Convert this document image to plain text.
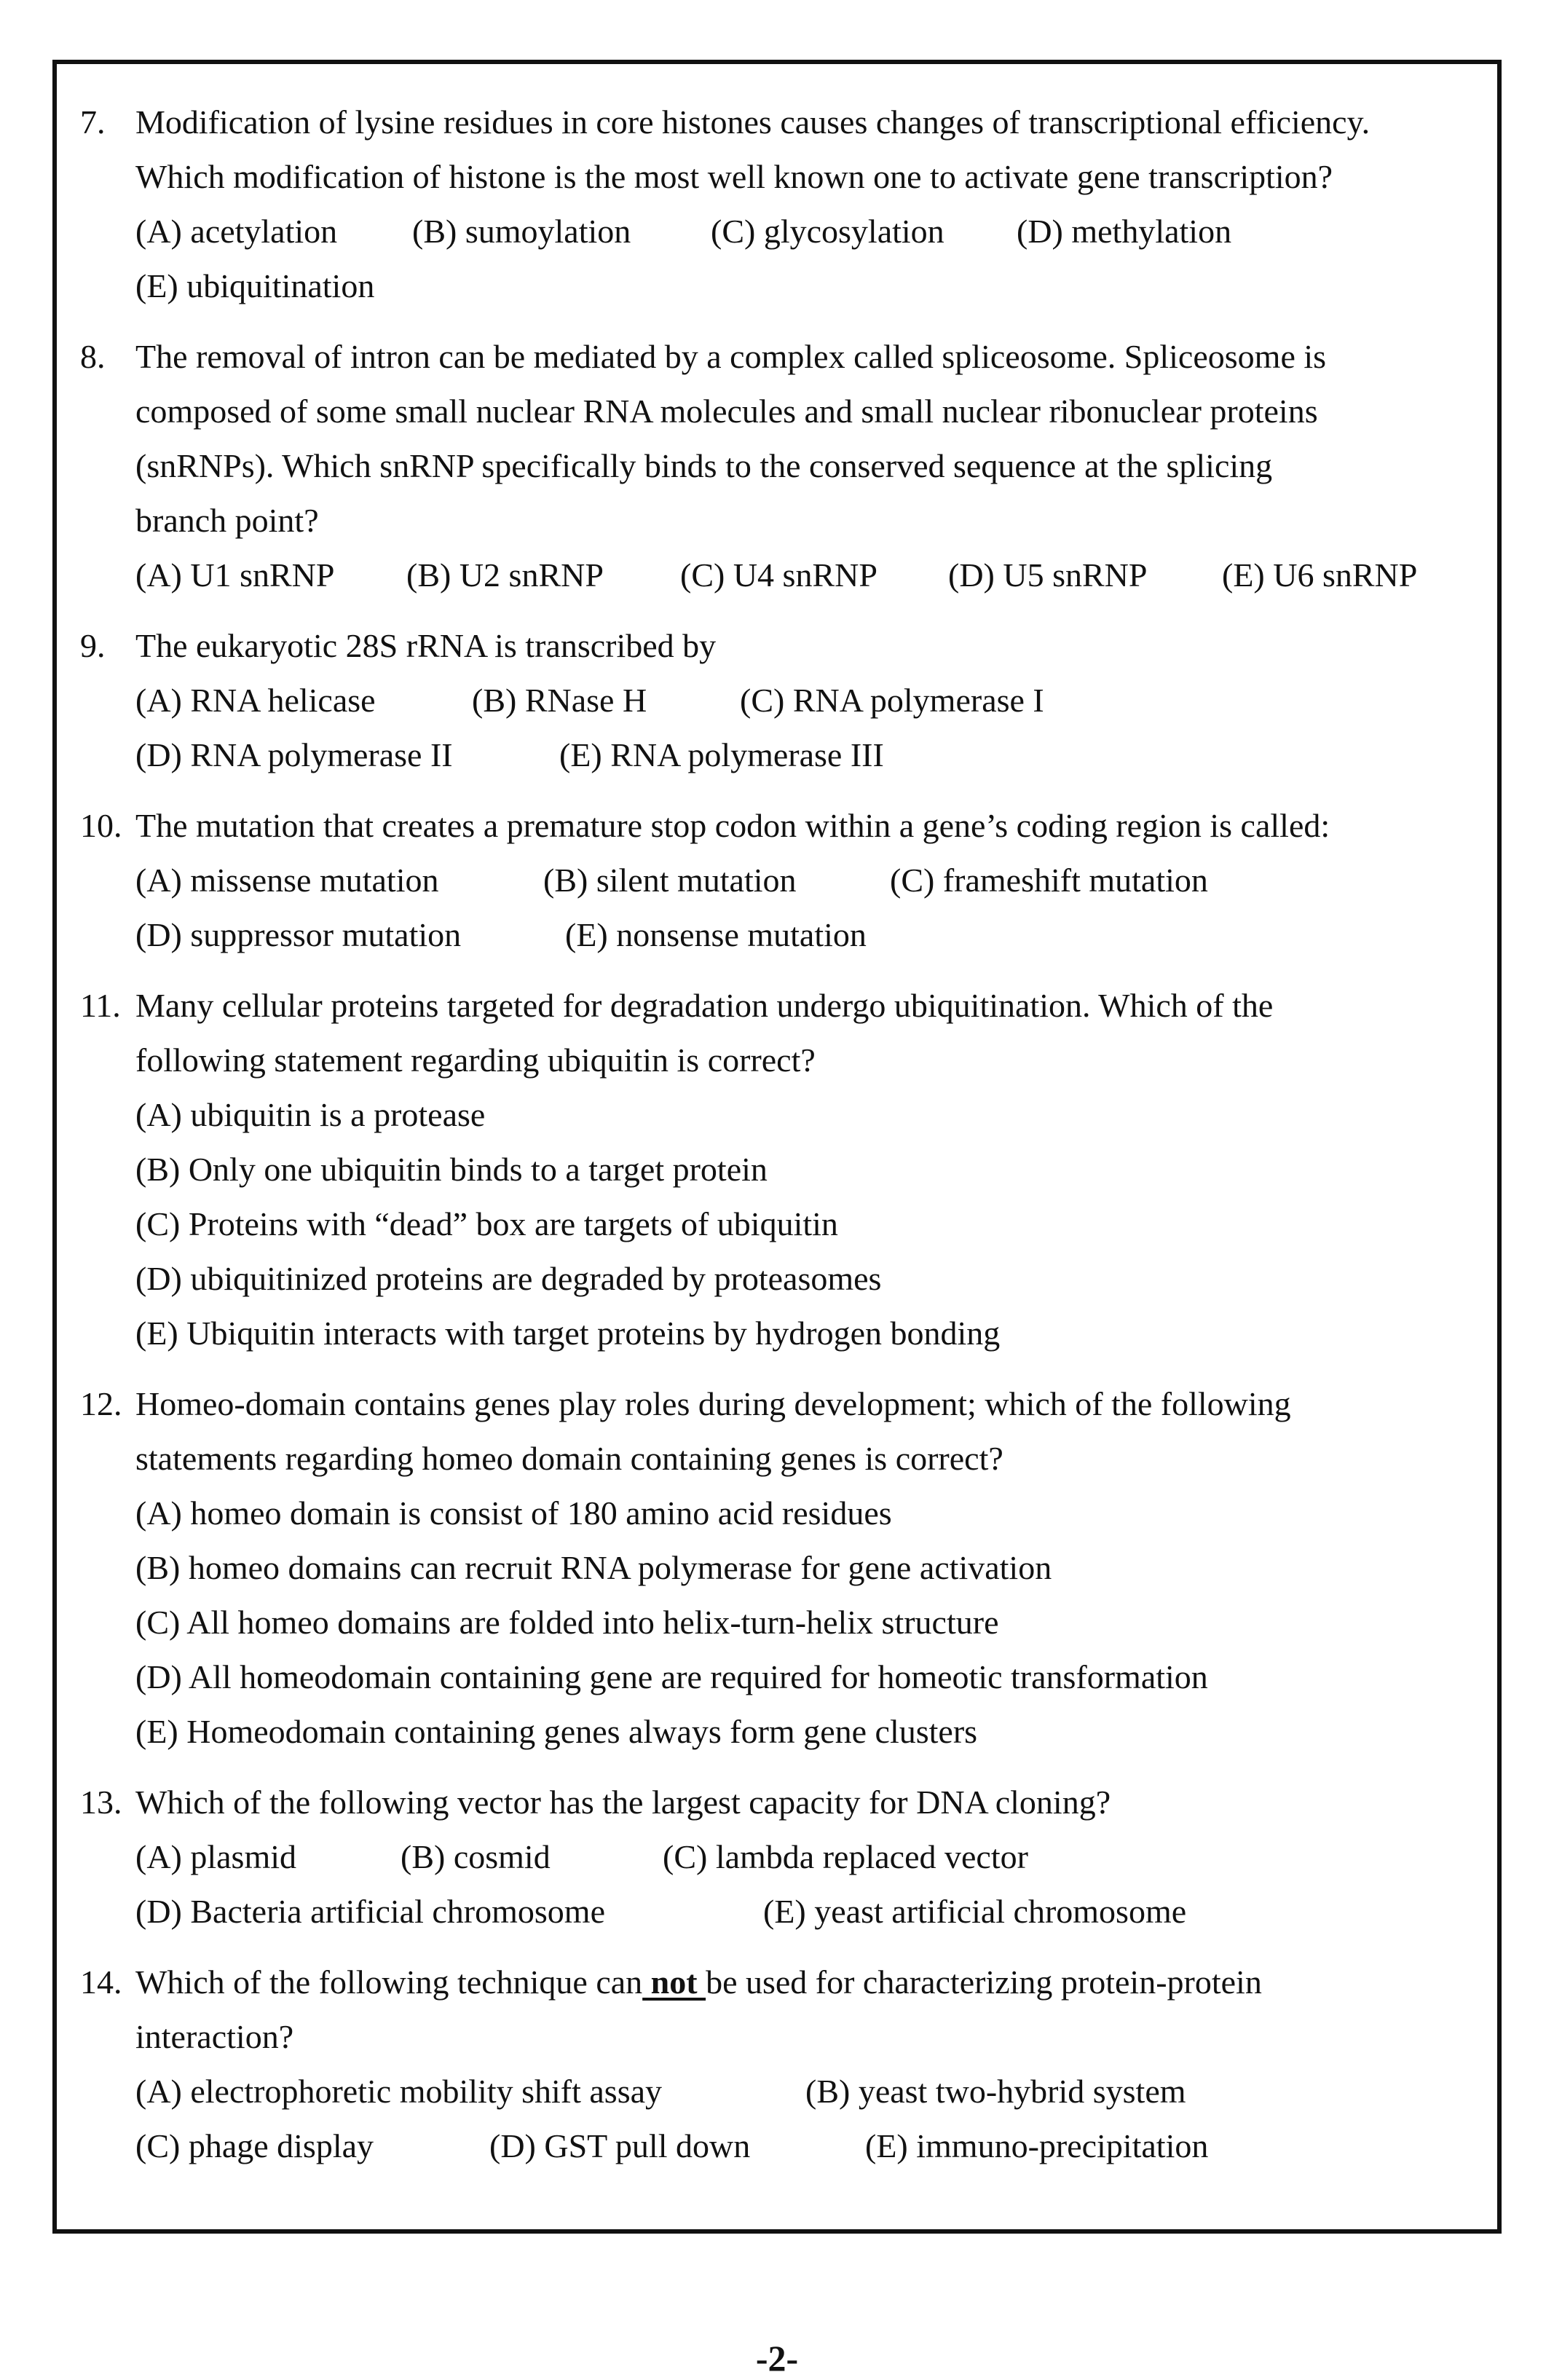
7. Modification of lysine residues in core histones causes changes of transcriptional efficiency.
Which modification of histone is the most well known one to activate gene transcription?
(A) acetylation (B) sumoylation (C) glycosylation (D) methylation
(E) ubiquitination
8. The removal of intron can be mediated by a complex called spliceosome. Spliceosome is
composed of some small nuclear RNA molecules and small nuclear ribonuclear proteins
(snRNPs). Which snRNP specifically binds to the conserved sequence at the splicing
branch point?
(A) U1 snRNP (B) U2 snRNP (C) U4 snRNP (D) U5 snRNP (E) U6 snRNP
9. The eukaryotic 28S rRNA is transcribed by
(A) RNA helicase	(B) RNase H	(C) RNA polymerase I
(D) RNA polymerase II	(E) RNA polymerase III
10. The mutation that creates a premature stop codon within a gene’s coding region is called:
(A) missense mutation	(B) silent mutation	(C) frameshift mutation
(D) suppressor mutation	(E) nonsense mutation
11. Many cellular proteins targeted for degradation undergo ubiquitination. Which of the
following statement regarding ubiquitin is correct?
(A) ubiquitin is a protease
(B) Only one ubiquitin binds to a target protein
(C) Proteins with “dead” box are targets of ubiquitin
(D) ubiquitinized proteins are degraded by proteasomes
(E) Ubiquitin interacts with target proteins by hydrogen bonding
12. Homeo-domain contains genes play roles during development; which of the following
statements regarding homeo domain containing genes is correct?
(A) homeo domain is consist of 180 amino acid residues
(B) homeo domains can recruit RNA polymerase for gene activation
(C) All homeo domains are folded into helix-turn-helix structure
(D) All homeodomain containing gene are required for homeotic transformation
(E) Homeodomain containing genes always form gene clusters
13. Which of the following vector has the largest capacity for DNA cloning?
(A) plasmid	(B) cosmid	(C) lambda replaced vector
(D) Bacteria artificial chromosome	(E) yeast artificial chromosome
14. Which of the following technique can not be used for characterizing protein-protein
interaction?
(A) electrophoretic mobility shift assay	(B) yeast two-hybrid system
(C) phage display	(D) GST pull down	(E) immuno-precipitation
-2-
